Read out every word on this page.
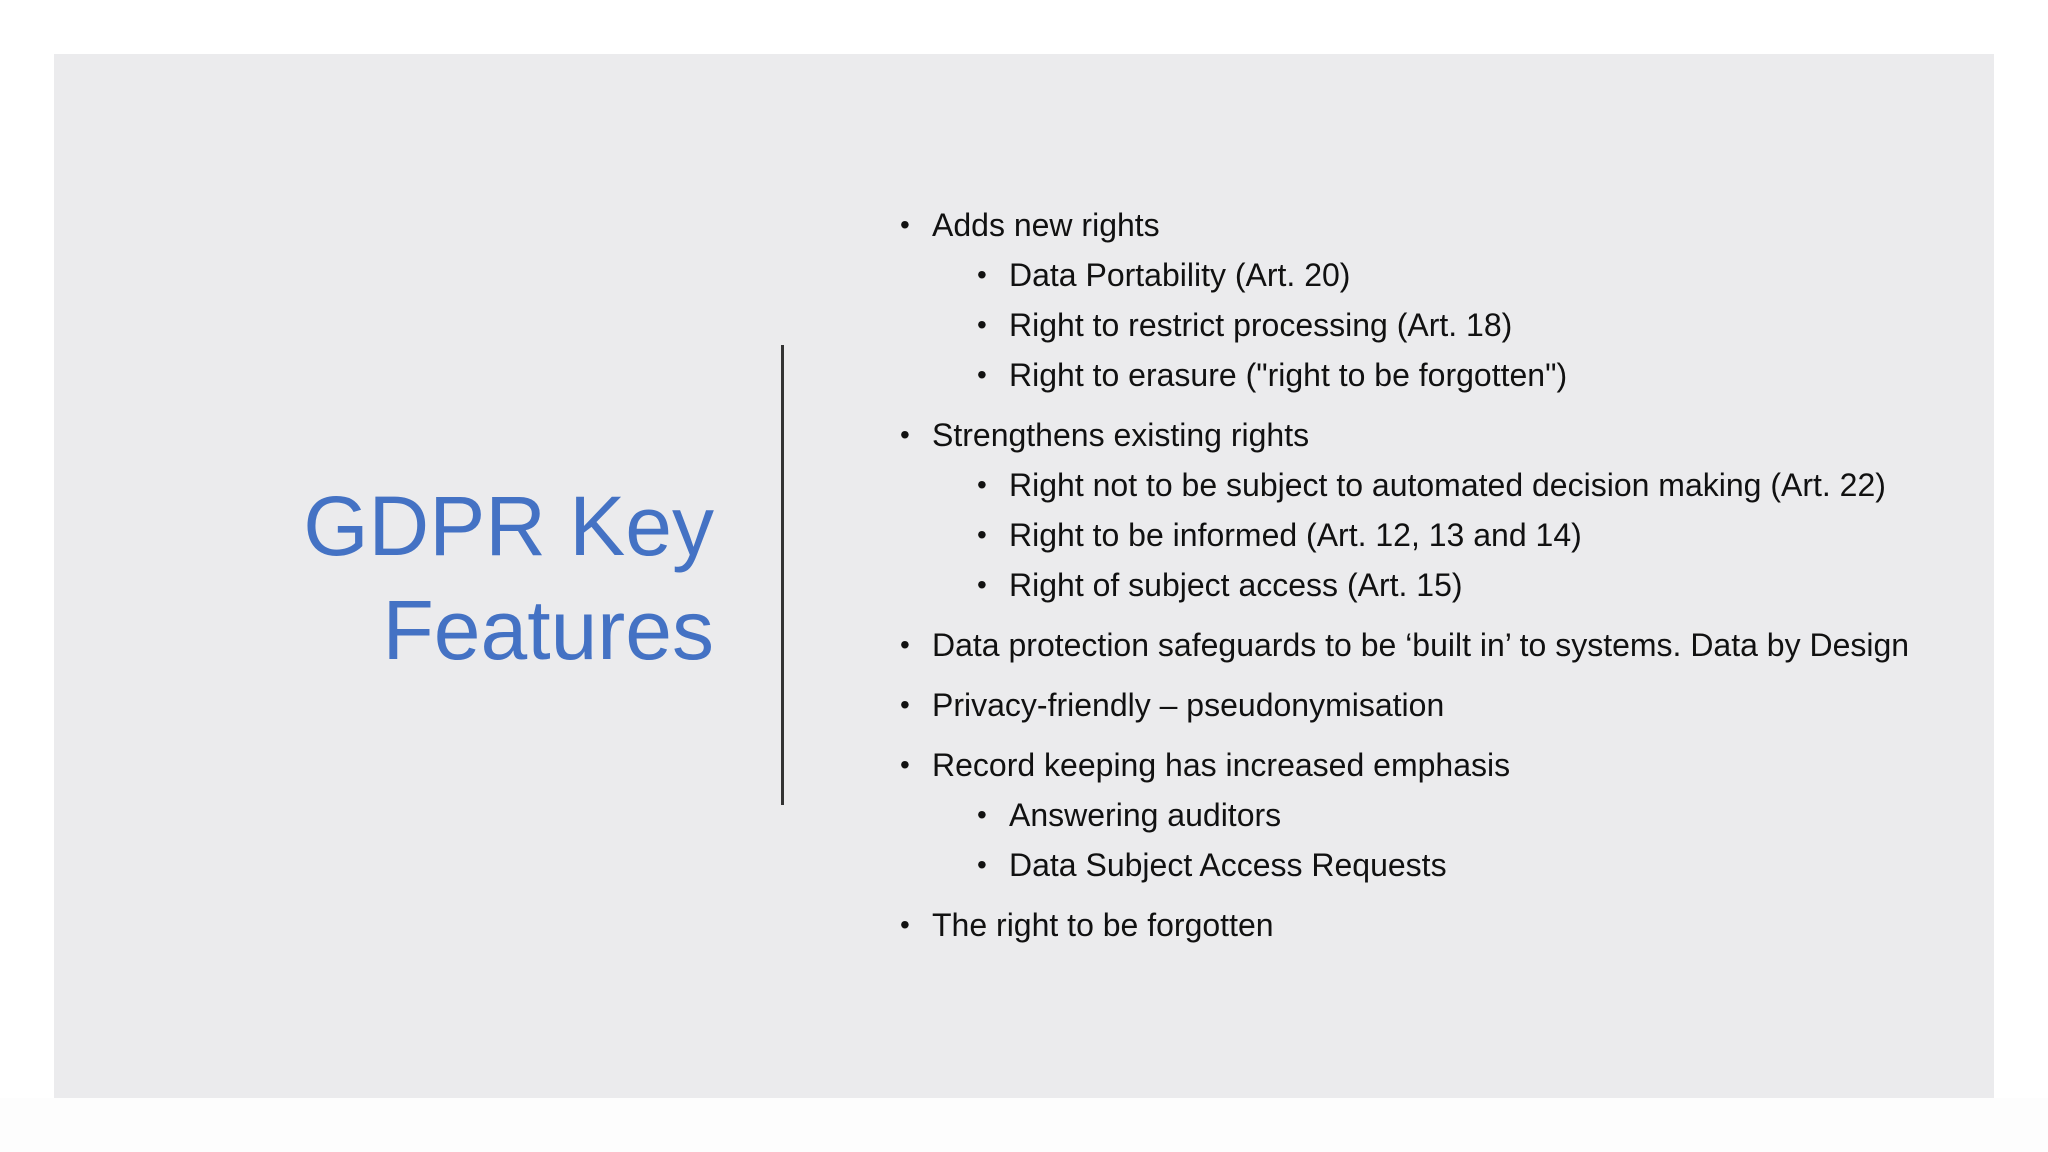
GDPR Key
Features
• Adds new rights
• Data Portability (Art. 20)
• Right to restrict processing (Art. 18)
• Right to erasure ("right to be forgotten")
• Strengthens existing rights
• Right not to be subject to automated decision making (Art. 22)
• Right to be informed (Art. 12, 13 and 14)
• Right of subject access (Art. 15)
• Data protection safeguards to be ‘built in’ to systems. Data by Design
• Privacy-friendly – pseudonymisation
• Record keeping has increased emphasis
• Answering auditors
• Data Subject Access Requests
• The right to be forgotten
